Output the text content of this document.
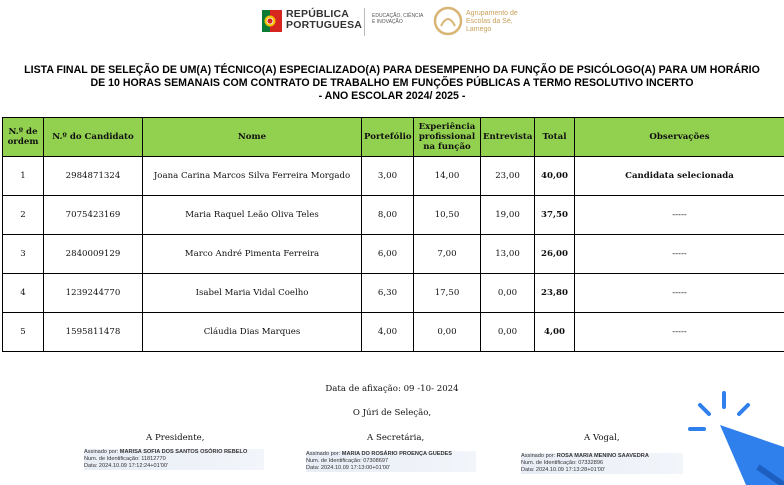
REPÚBLICA
PORTUGUESA
EDUCAÇÃO, CIÊNCIA
E INOVAÇÃO
Agrupamento de
Escolas da Sé,
Lamego
LISTA FINAL DE SELEÇÃO DE UM(A) TÉCNICO(A) ESPECIALIZADO(A) PARA DESEMPENHO DA FUNÇÃO DE PSICÓLOGO(A) PARA UM HORÁRIO
DE 10 HORAS SEMANAIS COM CONTRATO DE TRABALHO EM FUNÇÕES PÚBLICAS A TERMO RESOLUTIVO INCERTO
- ANO ESCOLAR 2024/ 2025 -
N.º de ordem	N.º do Candidato	Nome	Portefólio	Experiência profissional na função	Entrevista	Total	Observações
1	2984871324	Joana Carina Marcos Silva Ferreira Morgado	3,00	14,00	23,00	40,00	Candidata selecionada
2	7075423169	Maria Raquel Leão Oliva Teles	8,00	10,50	19,00	37,50	-----
3	2840009129	Marco André Pimenta Ferreira	6,00	7,00	13,00	26,00	-----
4	1239244770	Isabel Maria Vidal Coelho	6,30	17,50	0,00	23,80	-----
5	1595811478	Cláudia Dias Marques	4,00	0,00	0,00	4,00	-----
Data de afixação: 09 -10- 2024
O Júri de Seleção,
A Presidente,	A Secretária,	A Vogal,
Assinado por: MARISA SOFIA DOS SANTOS OSÓRIO REBELO
Num. de Identificação: 11812770
Data: 2024.10.09 17:12:24+01'00'
Assinado por: MARIA DO ROSÁRIO PROENÇA GUEDES
Num. de Identificação: 07308697
Data: 2024.10.09 17:13:00+01'00'
Assinado por: ROSA MARIA MENINO SAAVEDRA
Num. de Identificação: 07332896
Data: 2024.10.09 17:13:28+01'00'
